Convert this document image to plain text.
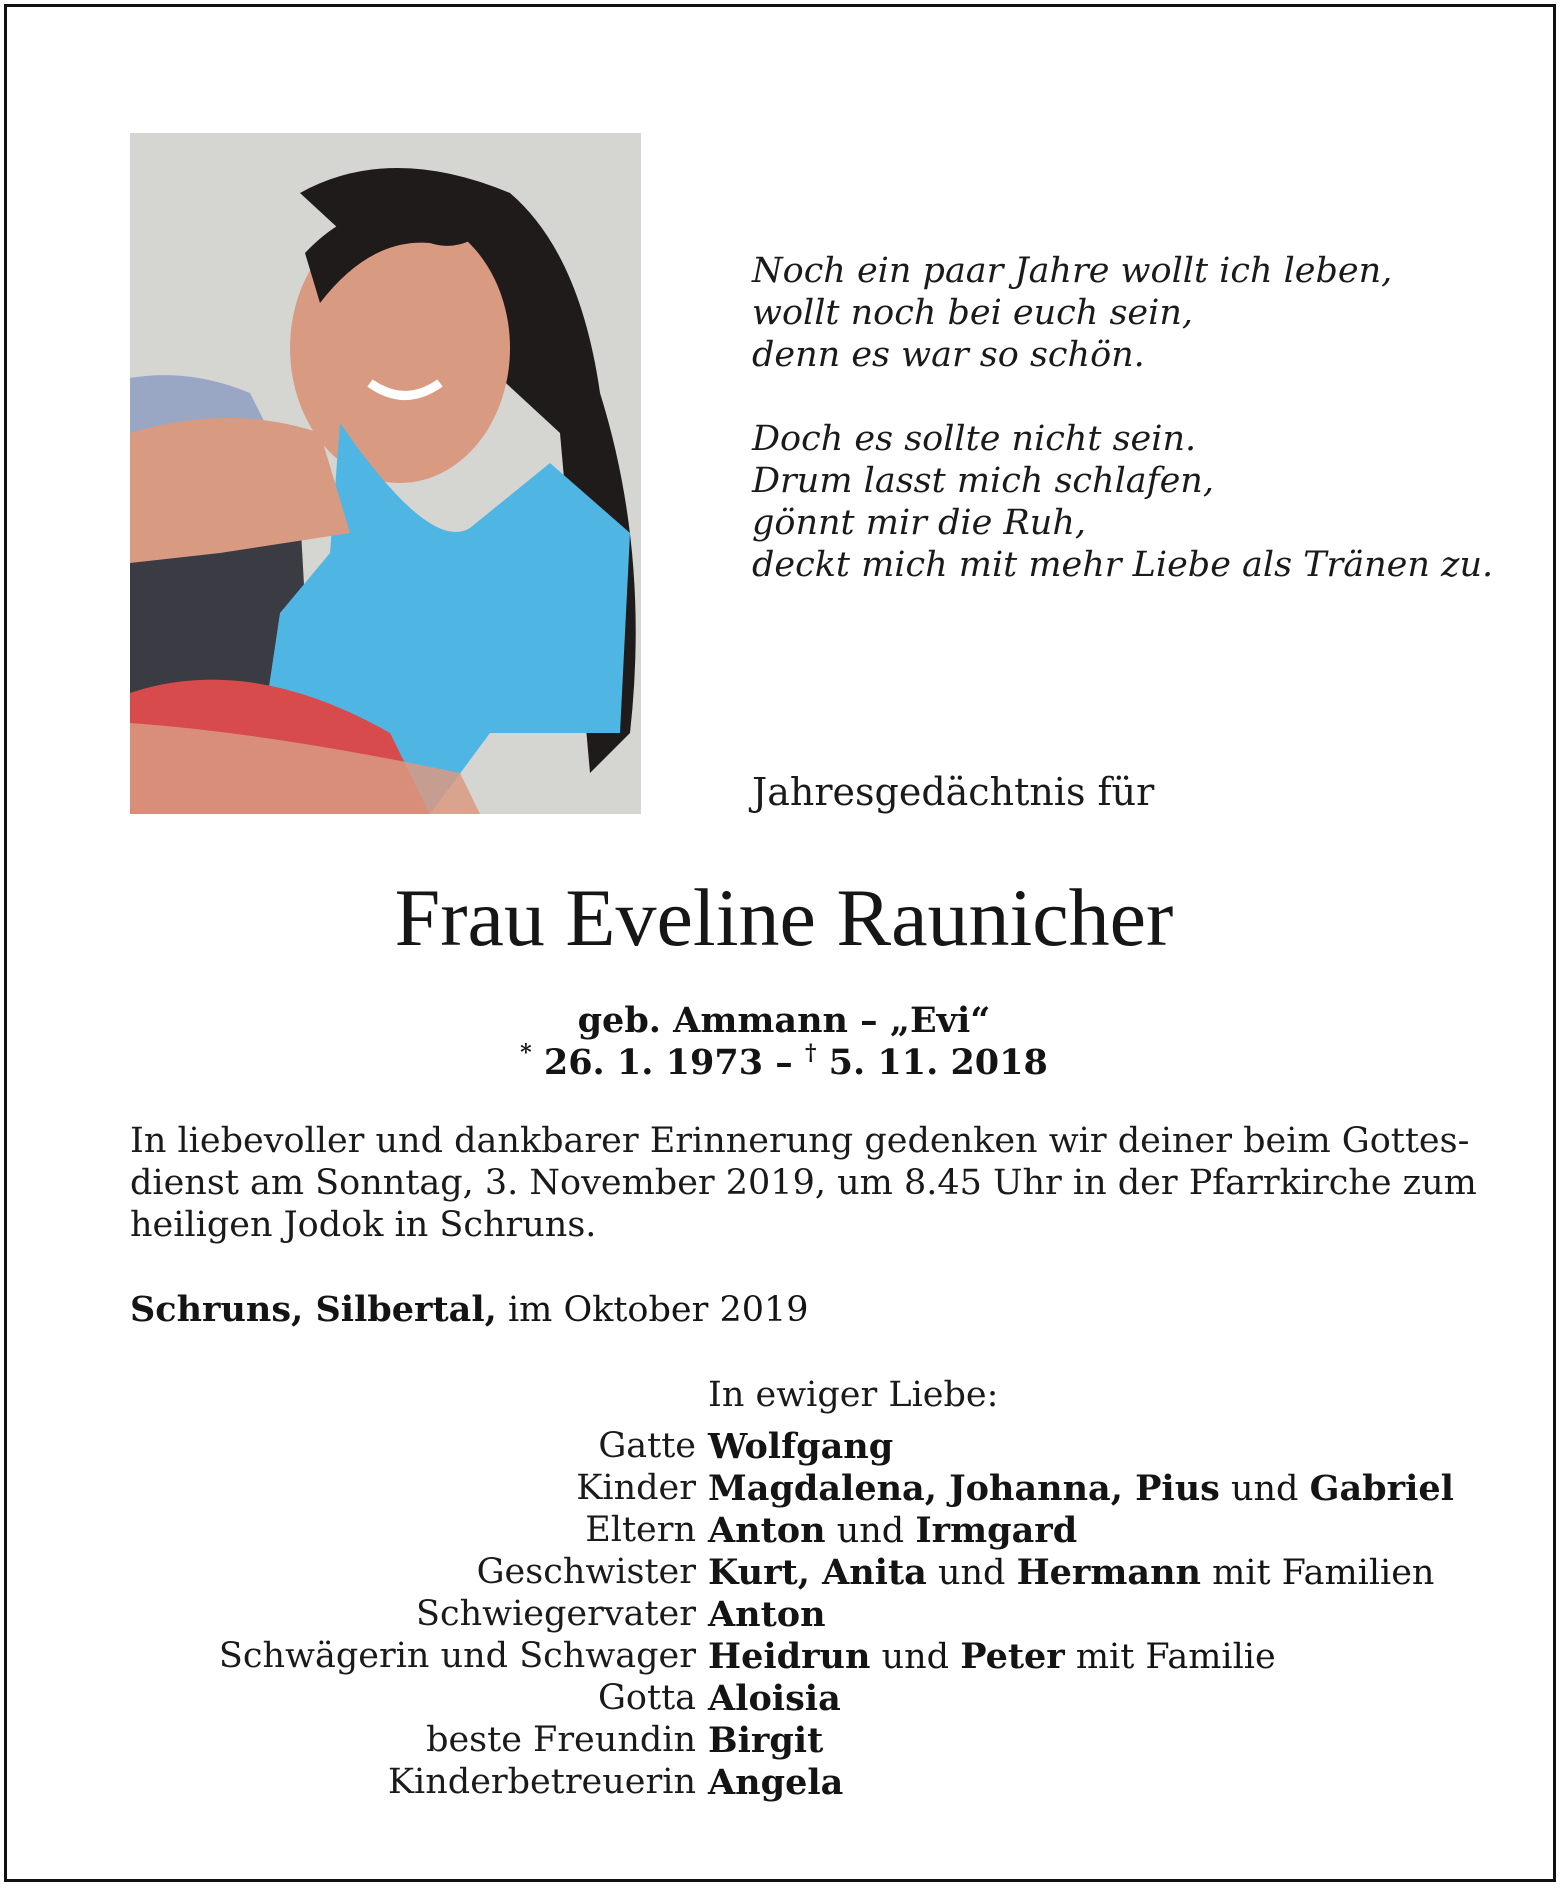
Noch ein paar Jahre wollt ich leben,
wollt noch bei euch sein,
denn es war so schön.
Doch es sollte nicht sein.
Drum lasst mich schlafen,
gönnt mir die Ruh,
deckt mich mit mehr Liebe als Tränen zu.
Jahresgedächtnis für
Frau Eveline Raunicher
geb. Ammann – „Evi“
* 26. 1. 1973 – † 5. 11. 2018
In liebevoller und dankbarer Erinnerung gedenken wir deiner beim Gottes-
dienst am Sonntag, 3. November 2019, um 8.45 Uhr in der Pfarrkirche zum
heiligen Jodok in Schruns.
Schruns, Silbertal, im Oktober 2019
In ewiger Liebe:
Gatte Wolfgang
Kinder Magdalena, Johanna, Pius und Gabriel
Eltern Anton und Irmgard
Geschwister Kurt, Anita und Hermann mit Familien
Schwiegervater Anton
Schwägerin und Schwager Heidrun und Peter mit Familie
Gotta Aloisia
beste Freundin Birgit
Kinderbetreuerin Angela
